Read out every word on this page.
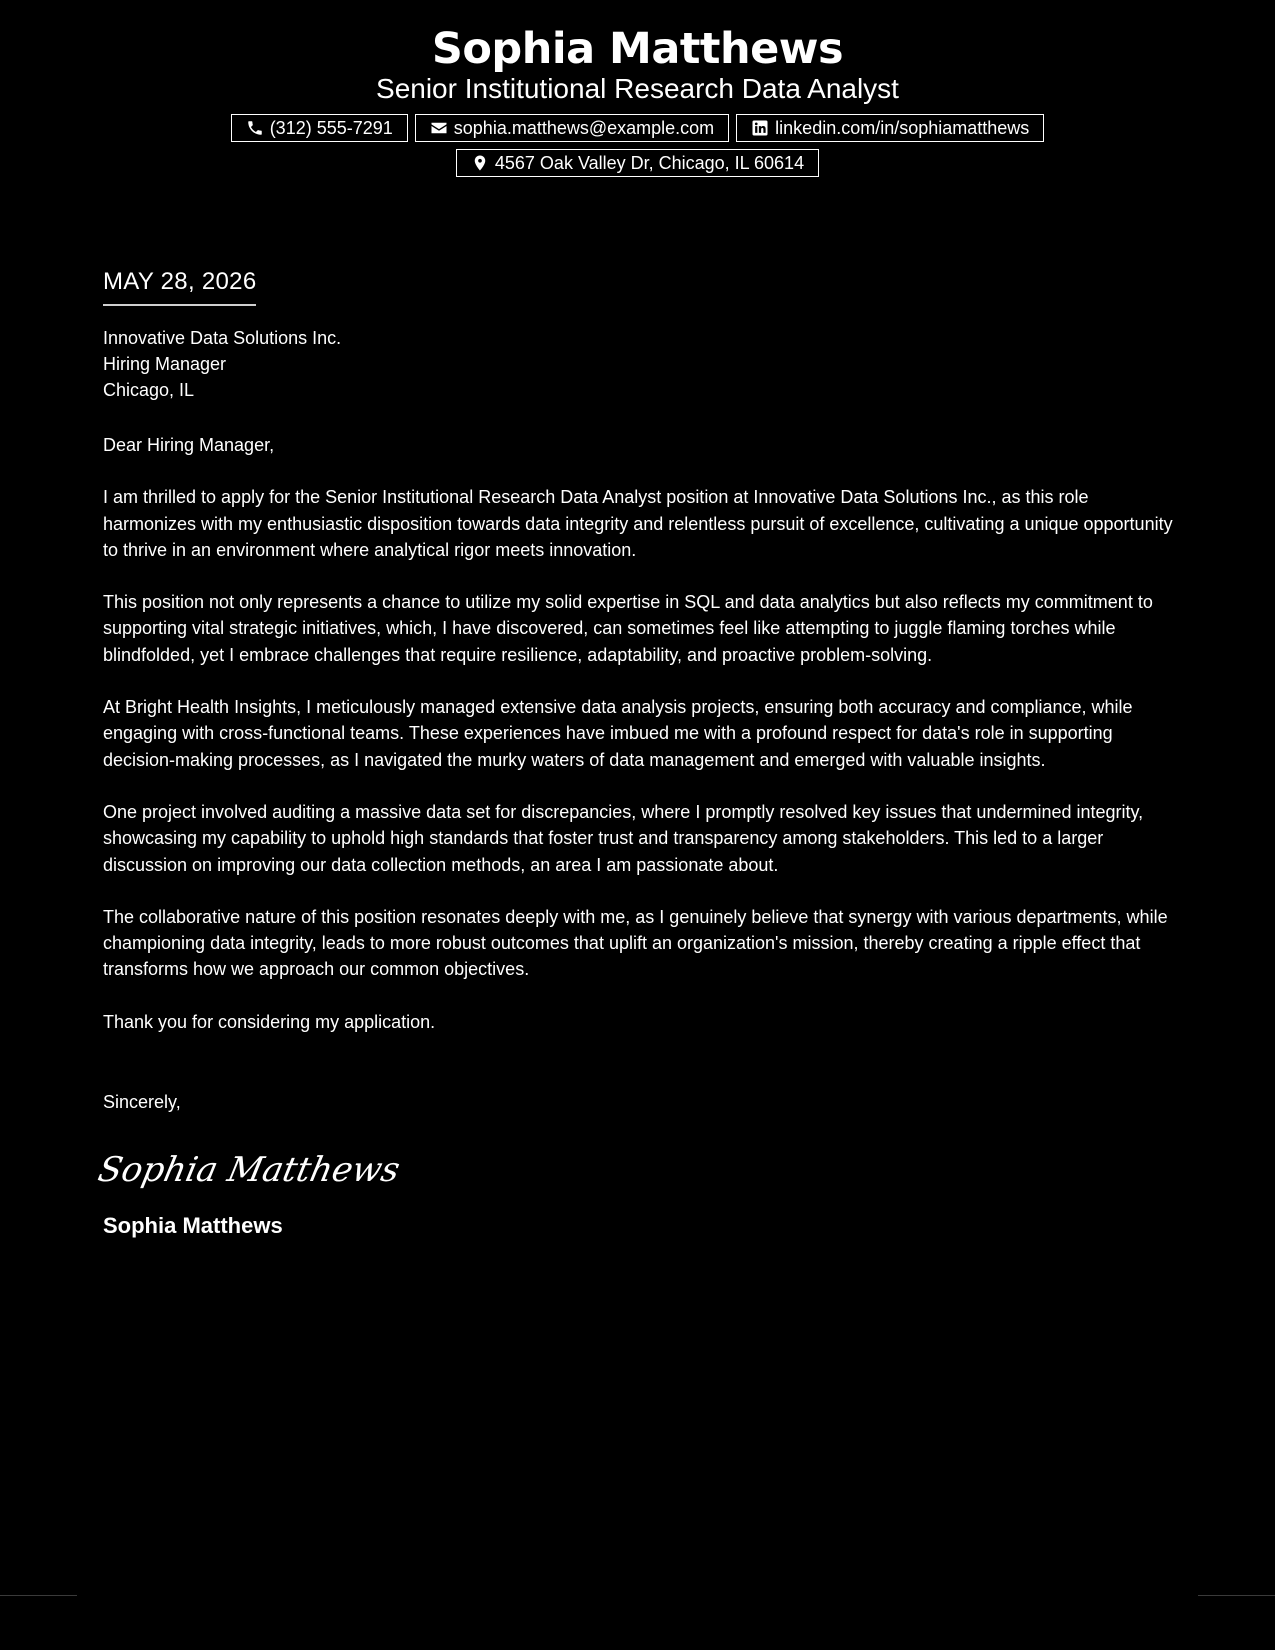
Sophia Matthews
Senior Institutional Research Data Analyst
(312) 555-7291	sophia.matthews@example.com	linkedin.com/in/sophiamatthews
4567 Oak Valley Dr, Chicago, IL 60614
MAY 28, 2026
Innovative Data Solutions Inc.
Hiring Manager
Chicago, IL
Dear Hiring Manager,
I am thrilled to apply for the Senior Institutional Research Data Analyst position at Innovative Data Solutions Inc., as this role harmonizes with my enthusiastic disposition towards data integrity and relentless pursuit of excellence, cultivating a unique opportunity to thrive in an environment where analytical rigor meets innovation.
This position not only represents a chance to utilize my solid expertise in SQL and data analytics but also reflects my commitment to supporting vital strategic initiatives, which, I have discovered, can sometimes feel like attempting to juggle flaming torches while blindfolded, yet I embrace challenges that require resilience, adaptability, and proactive problem-solving.
At Bright Health Insights, I meticulously managed extensive data analysis projects, ensuring both accuracy and compliance, while engaging with cross-functional teams. These experiences have imbued me with a profound respect for data's role in supporting decision-making processes, as I navigated the murky waters of data management and emerged with valuable insights.
One project involved auditing a massive data set for discrepancies, where I promptly resolved key issues that undermined integrity, showcasing my capability to uphold high standards that foster trust and transparency among stakeholders. This led to a larger discussion on improving our data collection methods, an area I am passionate about.
The collaborative nature of this position resonates deeply with me, as I genuinely believe that synergy with various departments, while championing data integrity, leads to more robust outcomes that uplift an organization's mission, thereby creating a ripple effect that transforms how we approach our common objectives.
Thank you for considering my application.
Sincerely,
Sophia Matthews
Sophia Matthews
